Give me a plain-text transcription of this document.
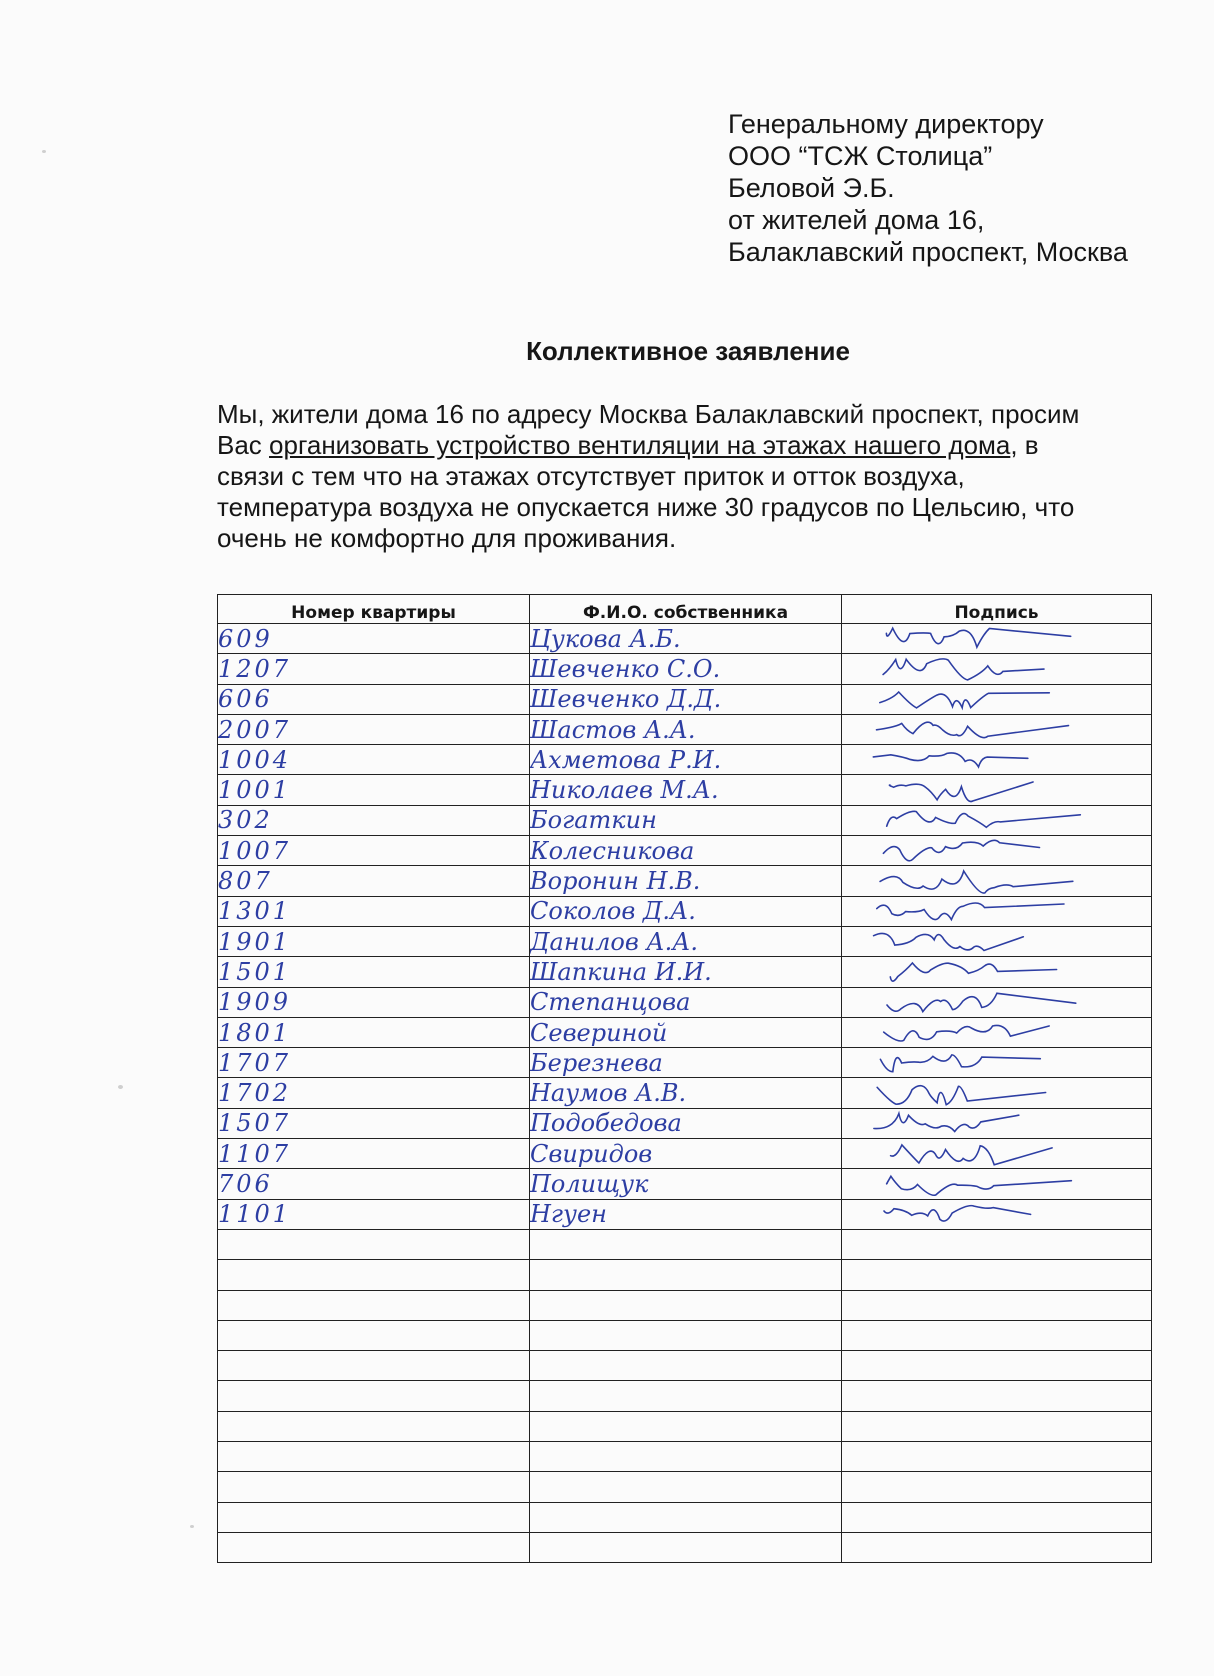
Генеральному директору
ООО “ТСЖ Столица”
Беловой Э.Б.
от жителей дома 16,
Балаклавский проспект, Москва
Коллективное заявление
Мы, жители дома 16 по адресу Москва Балаклавский проспект, просим
Вас организовать устройство вентиляции на этажах нашего дома, в
связи с тем что на этажах отсутствует приток и отток воздуха,
температура воздуха не опускается ниже 30 градусов по Цельсию, что
очень не комфортно для проживания.
Номер квартиры	Ф.И.О. собственника	Подпись
609	Цукова А.Б.	

1207	Шевченко С.О.	

606	Шевченко Д.Д.	

2007	Шастов А.А.	

1004	Ахметова Р.И.	

1001	Николаев М.А.	

302	Богаткин	

1007	Колесникова	

807	Воронин Н.В.	

1301	Соколов Д.А.	

1901	Данилов А.А.	

1501	Шапкина И.И.	

1909	Степанцова	

1801	Севериной	

1707	Березнева	

1702	Наумов А.В.	

1507	Подобедова	

1107	Свиридов	

706	Полищук	

1101	Нгуен	
